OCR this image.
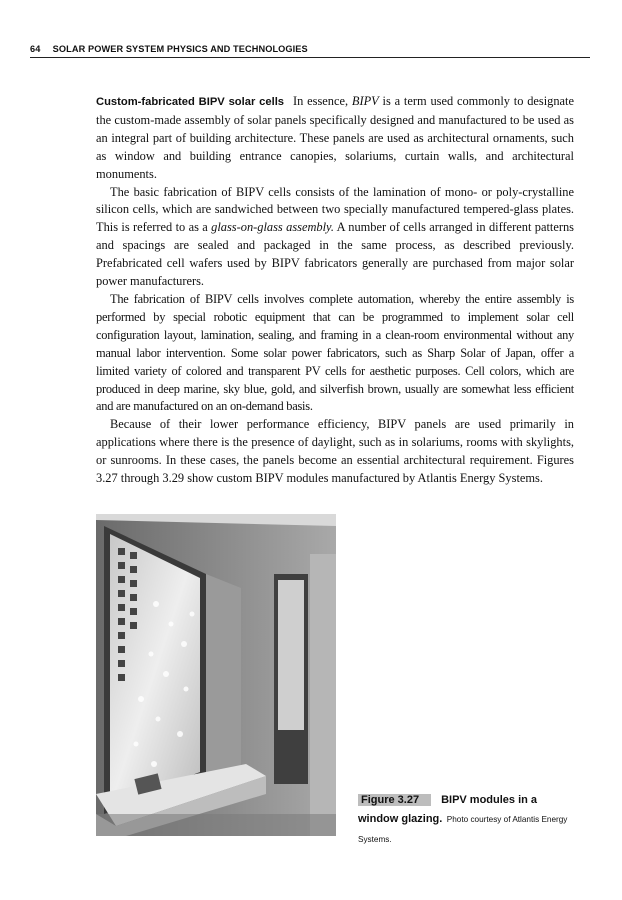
64 SOLAR POWER SYSTEM PHYSICS AND TECHNOLOGIES

Custom-fabricated BIPV solar cells In essence, BIPV is a term used commonly to designate the custom-made assembly of solar panels specifically designed and manufactured to be used as an integral part of building architecture. These panels are used as architectural ornaments, such as window and building entrance canopies, solariums, curtain walls, and architectural monuments.

The basic fabrication of BIPV cells consists of the lamination of mono- or poly-crystalline silicon cells, which are sandwiched between two specially manufactured tempered-glass plates. This is referred to as a glass-on-glass assembly. A number of cells arranged in different patterns and spacings are sealed and packaged in the same process, as described previously. Prefabricated cell wafers used by BIPV fabricators generally are purchased from major solar power manufacturers.

The fabrication of BIPV cells involves complete automation, whereby the entire assembly is performed by special robotic equipment that can be programmed to implement solar cell configuration layout, lamination, sealing, and framing in a clean-room environmental without any manual labor intervention. Some solar power fabricators, such as Sharp Solar of Japan, offer a limited variety of colored and transparent PV cells for aesthetic purposes. Cell colors, which are produced in deep marine, sky blue, gold, and silverfish brown, usually are somewhat less efficient and are manufactured on an on-demand basis.

Because of their lower performance efficiency, BIPV panels are used primarily in applications where there is the presence of daylight, such as in solariums, rooms with skylights, or sunrooms. In these cases, the panels become an essential architectural requirement. Figures 3.27 through 3.29 show custom BIPV modules manufactured by Atlantis Energy Systems.

Figure 3.27 BIPV modules in a window glazing. Photo courtesy of Atlantis Energy Systems.
